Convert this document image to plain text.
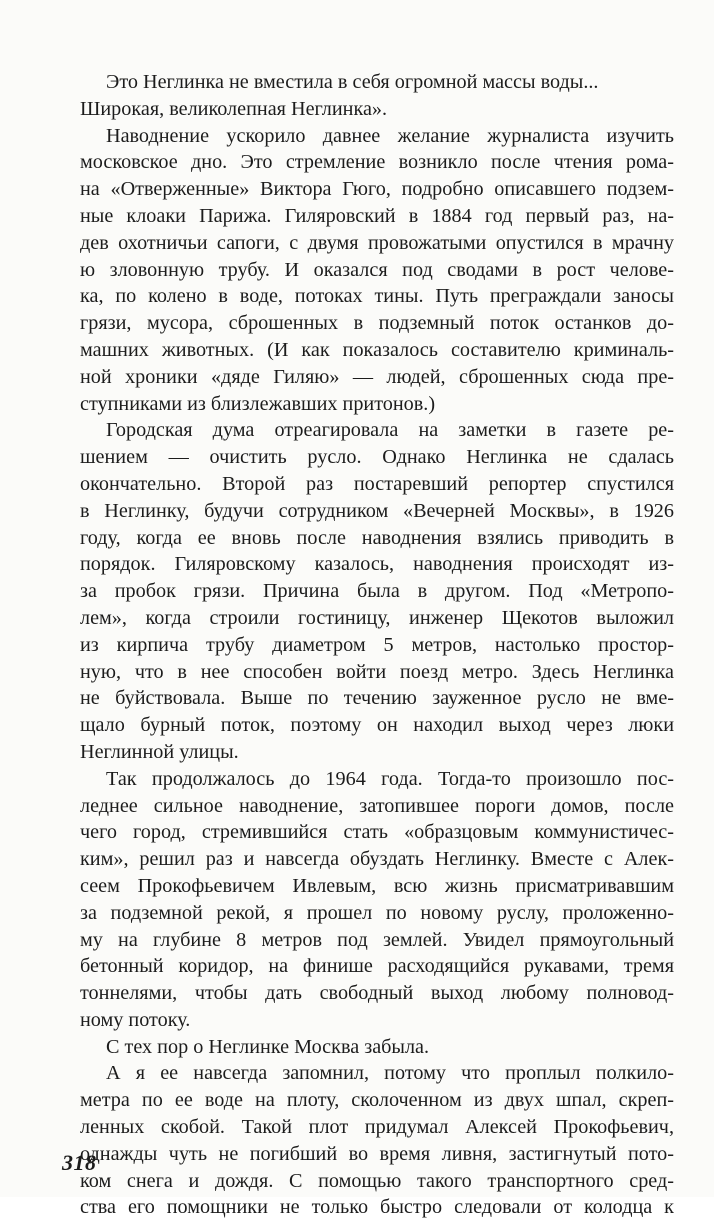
Это Неглинка не вместила в себя огромной массы воды...
Широкая, великолепная Неглинка».
Наводнение ускорило давнее желание журналиста изучить
московское дно. Это стремление возникло после чтения рома-
на «Отверженные» Виктора Гюго, подробно описавшего подзем-
ные клоаки Парижа. Гиляровский в 1884 год первый раз, на-
дев охотничьи сапоги, с двумя провожатыми опустился в мрачну
ю зловонную трубу. И оказался под сводами в рост челове-
ка, по колено в воде, потоках тины. Путь преграждали заносы
грязи, мусора, сброшенных в подземный поток останков до-
машних животных. (И как показалось составителю криминаль-
ной хроники «дяде Гиляю» — людей, сброшенных сюда пре-
ступниками из близлежавших притонов.)
Городская дума отреагировала на заметки в газете ре-
шением — очистить русло. Однако Неглинка не сдалась
окончательно. Второй раз постаревший репортер спустился
в Неглинку, будучи сотрудником «Вечерней Москвы», в 1926
году, когда ее вновь после наводнения взялись приводить в
порядок. Гиляровскому казалось, наводнения происходят из-
за пробок грязи. Причина была в другом. Под «Метропо-
лем», когда строили гостиницу, инженер Щекотов выложил
из кирпича трубу диаметром 5 метров, настолько простор-
ную, что в нее способен войти поезд метро. Здесь Неглинка
не буйствовала. Выше по течению зауженное русло не вме-
щало бурный поток, поэтому он находил выход через люки
Неглинной улицы.
Так продолжалось до 1964 года. Тогда-то произошло пос-
леднее сильное наводнение, затопившее пороги домов, после
чего город, стремившийся стать «образцовым коммунистичес-
ким», решил раз и навсегда обуздать Неглинку. Вместе с Алек-
сеем Прокофьевичем Ивлевым, всю жизнь присматривавшим
за подземной рекой, я прошел по новому руслу, проложенно-
му на глубине 8 метров под землей. Увидел прямоугольный
бетонный коридор, на финише расходящийся рукавами, тремя
тоннелями, чтобы дать свободный выход любому полновод-
ному потоку.
С тех пор о Неглинке Москва забыла.
А я ее навсегда запомнил, потому что проплыл полкило-
метра по ее воде на плоту, сколоченном из двух шпал, скреп-
ленных скобой. Такой плот придумал Алексей Прокофьевич,
однажды чуть не погибший во время ливня, застигнутый пото-
ком снега и дождя. С помощью такого транспортного сред-
ства его помощники не только быстро следовали от колодца к
318
